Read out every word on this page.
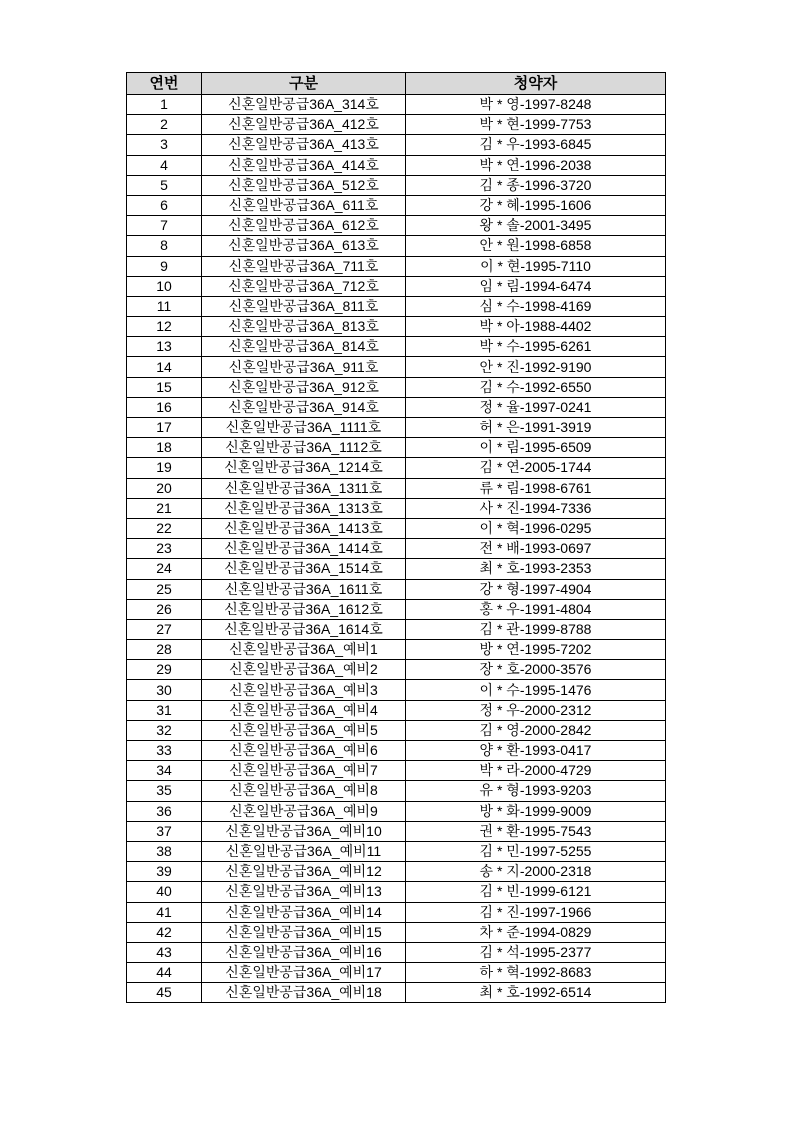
연번	구분	청약자
1	신혼일반공급36A_314호	박 * 영-1997-8248
2	신혼일반공급36A_412호	박 * 현-1999-7753
3	신혼일반공급36A_413호	김 * 우-1993-6845
4	신혼일반공급36A_414호	박 * 연-1996-2038
5	신혼일반공급36A_512호	김 * 종-1996-3720
6	신혼일반공급36A_611호	강 * 혜-1995-1606
7	신혼일반공급36A_612호	왕 * 솔-2001-3495
8	신혼일반공급36A_613호	안 * 원-1998-6858
9	신혼일반공급36A_711호	이 * 현-1995-7110
10	신혼일반공급36A_712호	임 * 림-1994-6474
11	신혼일반공급36A_811호	심 * 수-1998-4169
12	신혼일반공급36A_813호	박 * 아-1988-4402
13	신혼일반공급36A_814호	박 * 수-1995-6261
14	신혼일반공급36A_911호	안 * 진-1992-9190
15	신혼일반공급36A_912호	김 * 수-1992-6550
16	신혼일반공급36A_914호	정 * 율-1997-0241
17	신혼일반공급36A_1111호	허 * 은-1991-3919
18	신혼일반공급36A_1112호	이 * 림-1995-6509
19	신혼일반공급36A_1214호	김 * 연-2005-1744
20	신혼일반공급36A_1311호	류 * 림-1998-6761
21	신혼일반공급36A_1313호	사 * 진-1994-7336
22	신혼일반공급36A_1413호	이 * 혁-1996-0295
23	신혼일반공급36A_1414호	전 * 배-1993-0697
24	신혼일반공급36A_1514호	최 * 호-1993-2353
25	신혼일반공급36A_1611호	강 * 형-1997-4904
26	신혼일반공급36A_1612호	홍 * 우-1991-4804
27	신혼일반공급36A_1614호	김 * 관-1999-8788
28	신혼일반공급36A_예비1	방 * 연-1995-7202
29	신혼일반공급36A_예비2	장 * 호-2000-3576
30	신혼일반공급36A_예비3	이 * 수-1995-1476
31	신혼일반공급36A_예비4	정 * 우-2000-2312
32	신혼일반공급36A_예비5	김 * 영-2000-2842
33	신혼일반공급36A_예비6	양 * 환-1993-0417
34	신혼일반공급36A_예비7	박 * 라-2000-4729
35	신혼일반공급36A_예비8	유 * 형-1993-9203
36	신혼일반공급36A_예비9	방 * 화-1999-9009
37	신혼일반공급36A_예비10	권 * 환-1995-7543
38	신혼일반공급36A_예비11	김 * 민-1997-5255
39	신혼일반공급36A_예비12	송 * 지-2000-2318
40	신혼일반공급36A_예비13	김 * 빈-1999-6121
41	신혼일반공급36A_예비14	김 * 진-1997-1966
42	신혼일반공급36A_예비15	차 * 준-1994-0829
43	신혼일반공급36A_예비16	김 * 석-1995-2377
44	신혼일반공급36A_예비17	하 * 혁-1992-8683
45	신혼일반공급36A_예비18	최 * 호-1992-6514
